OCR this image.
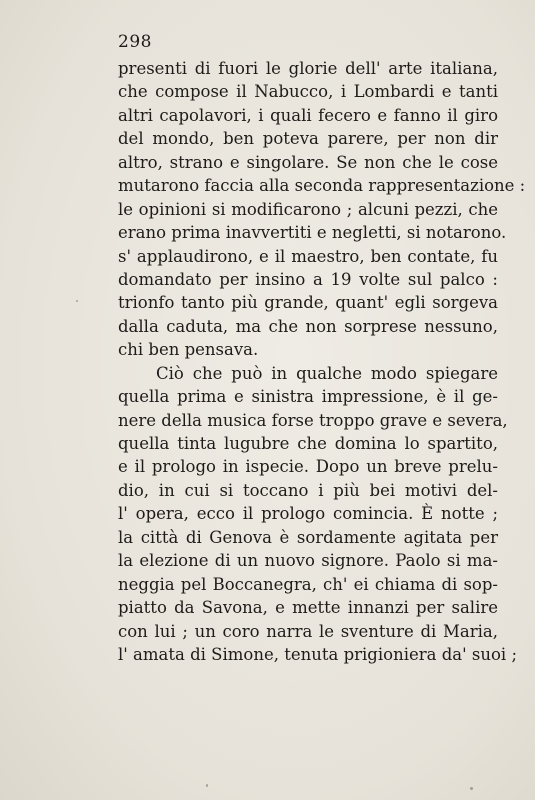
298
presenti di fuori le glorie dell' arte italiana,
che compose il Nabucco, i Lombardi e tanti
altri capolavori, i quali fecero e fanno il giro
del mondo, ben poteva parere, per non dir
altro, strano e singolare. Se non che le cose
mutarono faccia alla seconda rappresentazione :
le opinioni si modificarono ; alcuni pezzi, che
erano prima inavvertiti e negletti, si notarono.
s' applaudirono, e il maestro, ben contate, fu
domandato per insino a 19 volte sul palco :
trionfo tanto più grande, quant' egli sorgeva
dalla caduta, ma che non sorprese nessuno,
chi ben pensava.
Ciò che può in qualche modo spiegare
quella prima e sinistra impressione, è il ge-
nere della musica forse troppo grave e severa,
quella tinta lugubre che domina lo spartito,
e il prologo in ispecie. Dopo un breve prelu-
dio, in cui si toccano i più bei motivi del-
l' opera, ecco il prologo comincia. È notte ;
la città di Genova è sordamente agitata per
la elezione di un nuovo signore. Paolo si ma-
neggia pel Boccanegra, ch' ei chiama di sop-
piatto da Savona, e mette innanzi per salire
con lui ; un coro narra le sventure di Maria,
l' amata di Simone, tenuta prigioniera da' suoi ;
